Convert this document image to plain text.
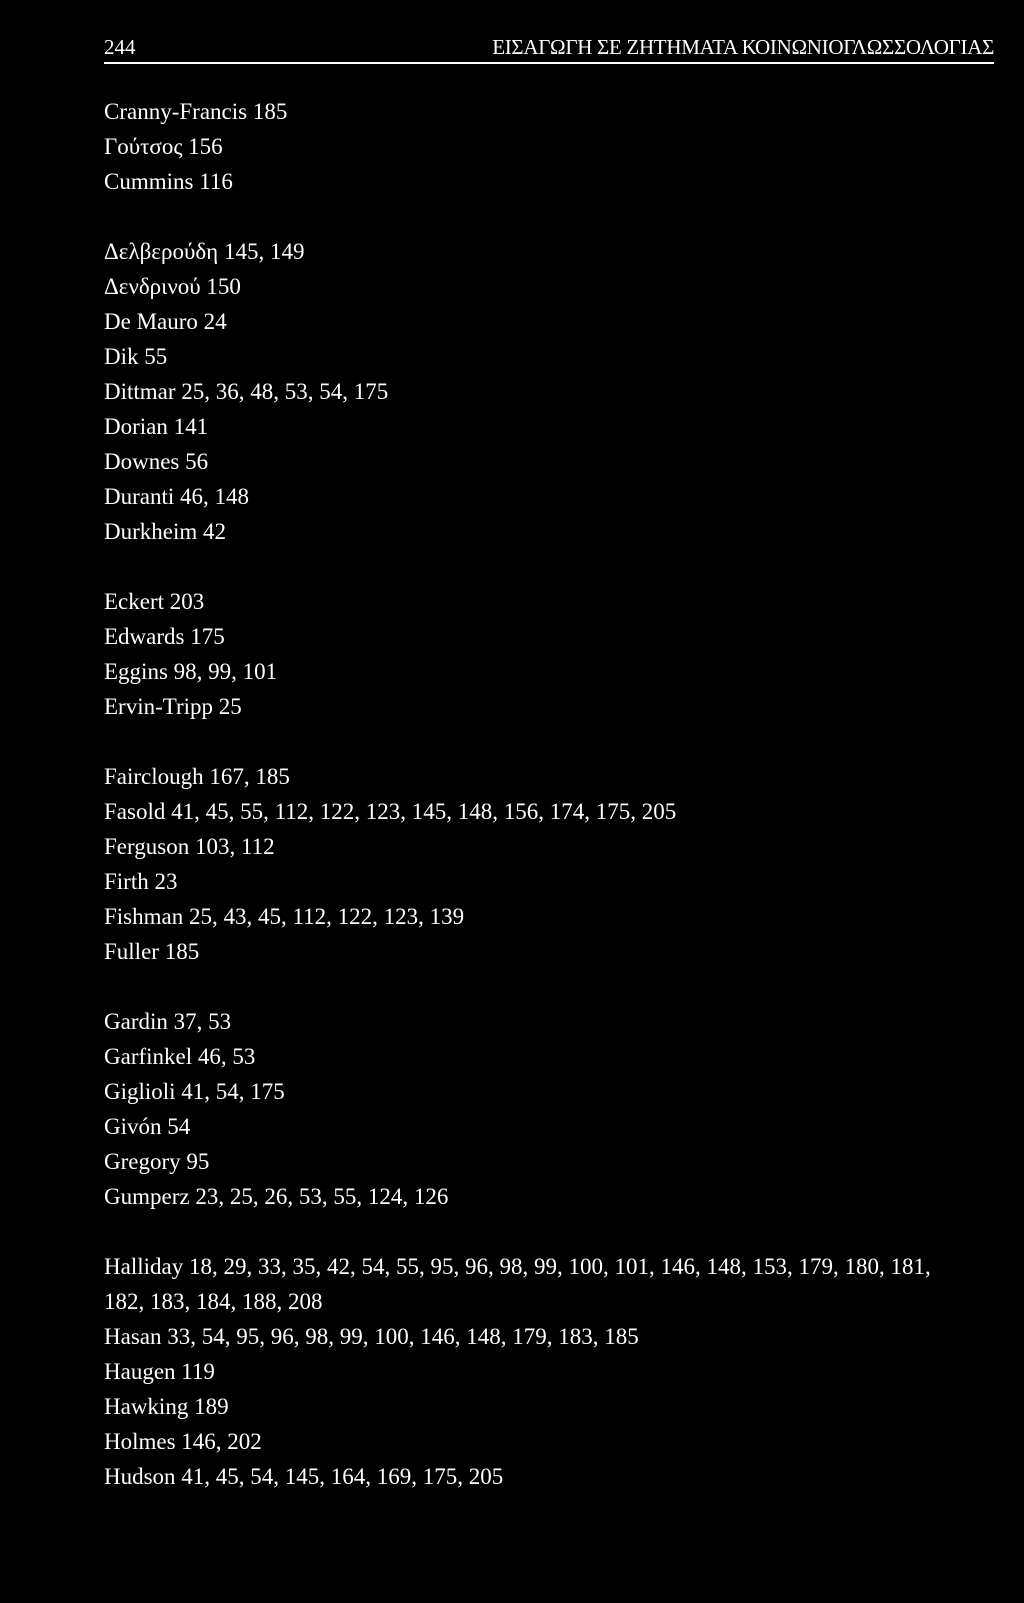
244	ΕΙΣΑΓΩΓΗ ΣΕ ΖΗΤΗΜΑΤΑ ΚΟΙΝΩΝΙΟΓΛΩΣΣΟΛΟΓΙΑΣ
Cranny-Francis 185
Γούτσος 156
Cummins 116
Δελβερούδη 145, 149
Δενδρινού 150
De Mauro 24
Dik 55
Dittmar 25, 36, 48, 53, 54, 175
Dorian 141
Downes 56
Duranti 46, 148
Durkheim 42
Eckert 203
Edwards 175
Eggins 98, 99, 101
Ervin-Tripp 25
Fairclough 167, 185
Fasold 41, 45, 55, 112, 122, 123, 145, 148, 156, 174, 175, 205
Ferguson 103, 112
Firth 23
Fishman 25, 43, 45, 112, 122, 123, 139
Fuller 185
Gardin 37, 53
Garfinkel 46, 53
Giglioli 41, 54, 175
Givón 54
Gregory 95
Gumperz 23, 25, 26, 53, 55, 124, 126
Halliday 18, 29, 33, 35, 42, 54, 55, 95, 96, 98, 99, 100, 101, 146, 148, 153, 179, 180, 181, 182, 183, 184, 188, 208
Hasan 33, 54, 95, 96, 98, 99, 100, 146, 148, 179, 183, 185
Haugen 119
Hawking 189
Holmes 146, 202
Hudson 41, 45, 54, 145, 164, 169, 175, 205
